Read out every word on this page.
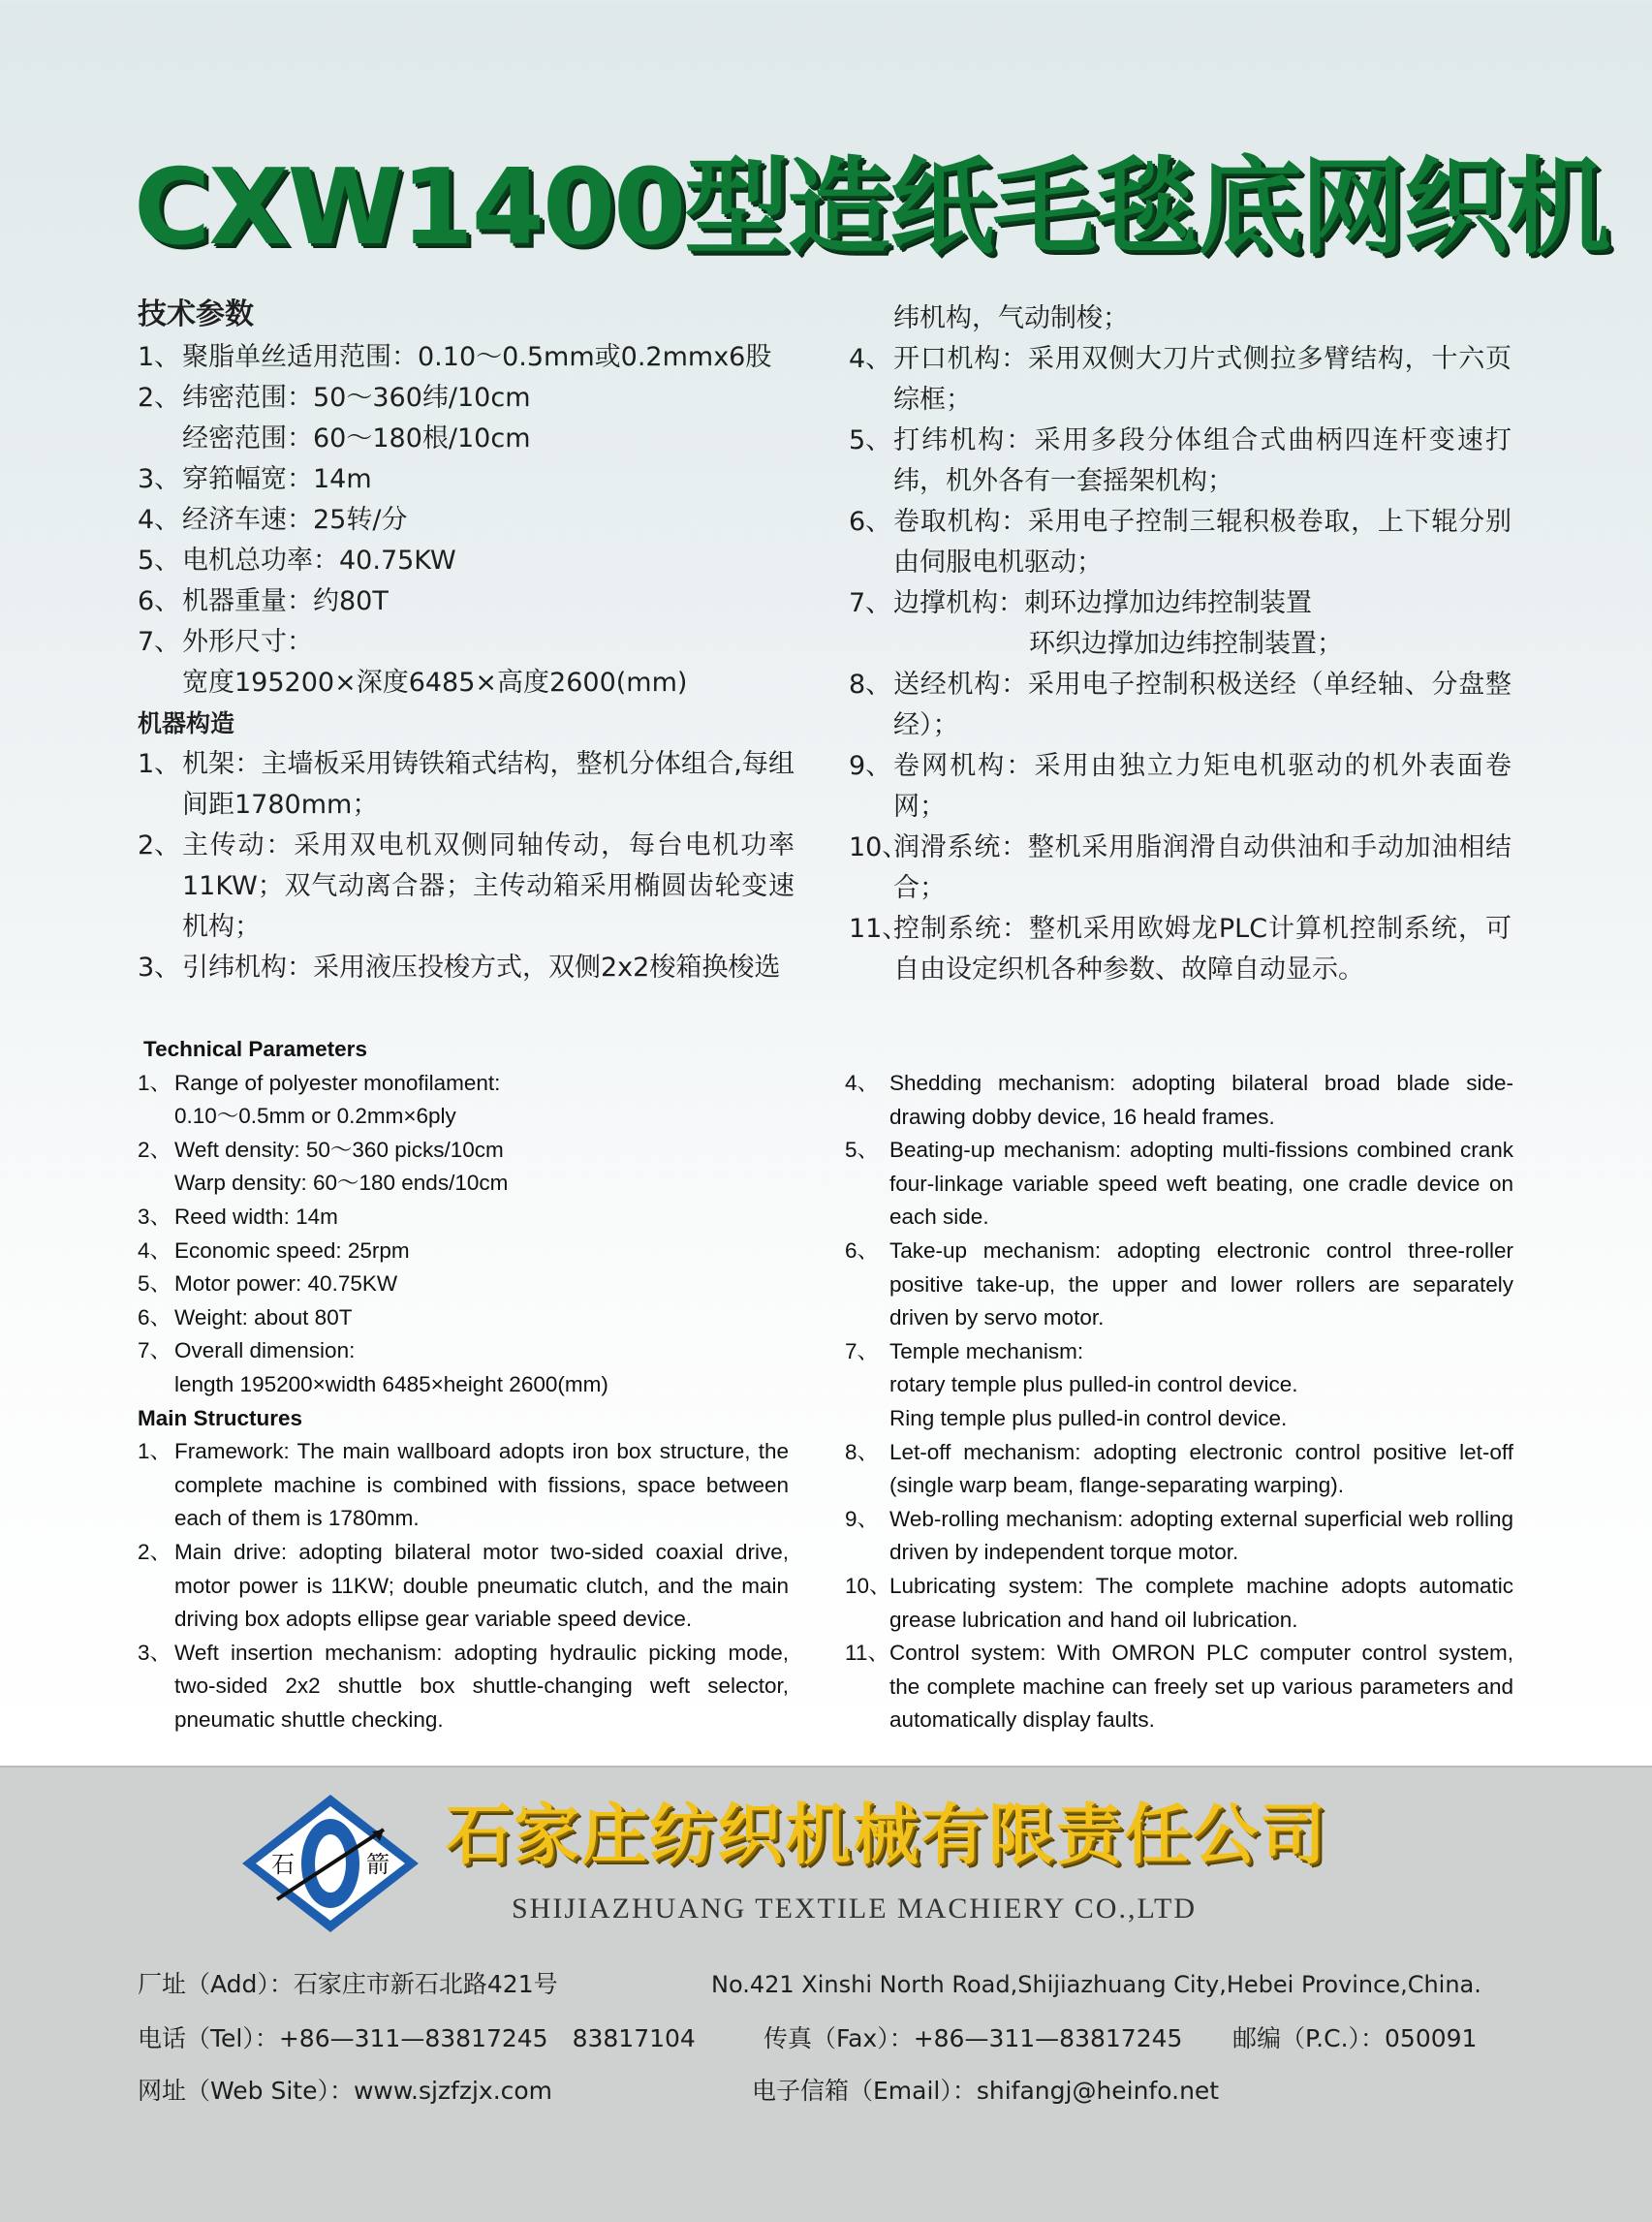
CXW1400型造纸毛毯底网织机
技术参数
1、 聚脂单丝适用范围：0.10～0.5mm或0.2mmx6股
2、 纬密范围：50～360纬/10cm
经密范围：60～180根/10cm
3、 穿筘幅宽：14m
4、 经济车速：25转/分
5、 电机总功率：40.75KW
6、 机器重量：约80T
7、 外形尺寸：
宽度195200×深度6485×高度2600(mm)
机器构造
1、 机架：主墙板采用铸铁箱式结构，整机分体组合,每组间距1780mm；
2、 主传动：采用双电机双侧同轴传动，每台电机功率11KW；双气动离合器；主传动箱采用椭圆齿轮变速机构；
3、 引纬机构：采用液压投梭方式，双侧2x2梭箱换梭选
纬机构，气动制梭；
4、 开口机构：采用双侧大刀片式侧拉多臂结构，十六页综框；
5、 打纬机构：采用多段分体组合式曲柄四连杆变速打纬，机外各有一套摇架机构；
6、 卷取机构：采用电子控制三辊积极卷取，上下辊分别由伺服电机驱动；
7、 边撑机构：刺环边撑加边纬控制装置
环织边撑加边纬控制装置；
8、 送经机构：采用电子控制积极送经（单经轴、分盘整经）；
9、 卷网机构：采用由独立力矩电机驱动的机外表面卷网；
10、
润滑系统：整机采用脂润滑自动供油和手动加油相结合；
11、
控制系统：整机采用欧姆龙PLC计算机控制系统，可自由设定织机各种参数、故障自动显示。
Technical Parameters
1、 Range of polyester monofilament:
0.10～0.5mm or 0.2mm×6ply
2、 Weft density: 50～360 picks/10cm
Warp density: 60～180 ends/10cm
3、 Reed width: 14m
4、 Economic speed: 25rpm
5、 Motor power: 40.75KW
6、 Weight: about 80T
7、 Overall dimension:
length 195200×width 6485×height 2600(mm)
Main Structures
1、 Framework: The main wallboard adopts iron box structure, the complete machine is combined with fissions, space between each of them is 1780mm.
2、 Main drive: adopting bilateral motor two-sided coaxial drive, motor power is 11KW; double pneumatic clutch, and the main driving box adopts ellipse gear variable speed device.
3、 Weft insertion mechanism: adopting hydraulic picking mode, two-sided 2x2 shuttle box shuttle-changing weft selector, pneumatic shuttle checking.
4、 Shedding mechanism: adopting bilateral broad blade side-drawing dobby device, 16 heald frames.
5、 Beating-up mechanism: adopting multi-fissions combined crank four-linkage variable speed weft beating, one cradle device on each side.
6、 Take-up mechanism: adopting electronic control three-roller positive take-up, the upper and lower rollers are separately driven by servo motor.
7、 Temple mechanism:
rotary temple plus pulled-in control device.
Ring temple plus pulled-in control device.
8、 Let-off mechanism: adopting electronic control positive let-off (single warp beam, flange-separating warping).
9、 Web-rolling mechanism: adopting external superficial web rolling driven by independent torque motor.
10、
Lubricating system: The complete machine adopts automatic grease lubrication and hand oil lubrication.
11、 Control system: With OMRON PLC computer control system, the complete machine can freely set up various parameters and automatically display faults.
石	箭 石家庄纺织机械有限责任公司
SHIJIAZHUANG TEXTILE MACHIERY CO.,LTD
厂址（Add）：石家庄市新石北路421号	No.421 Xinshi North Road,Shijiazhuang City,Hebei Province,China.
电话（Tel）：+86—311—83817245　83817104	传真（Fax）：+86—311—83817245 邮编（P.C.）：050091
网址（Web Site）：www.sjzfzjx.com	电子信箱（Email）：shifangj@heinfo.net
